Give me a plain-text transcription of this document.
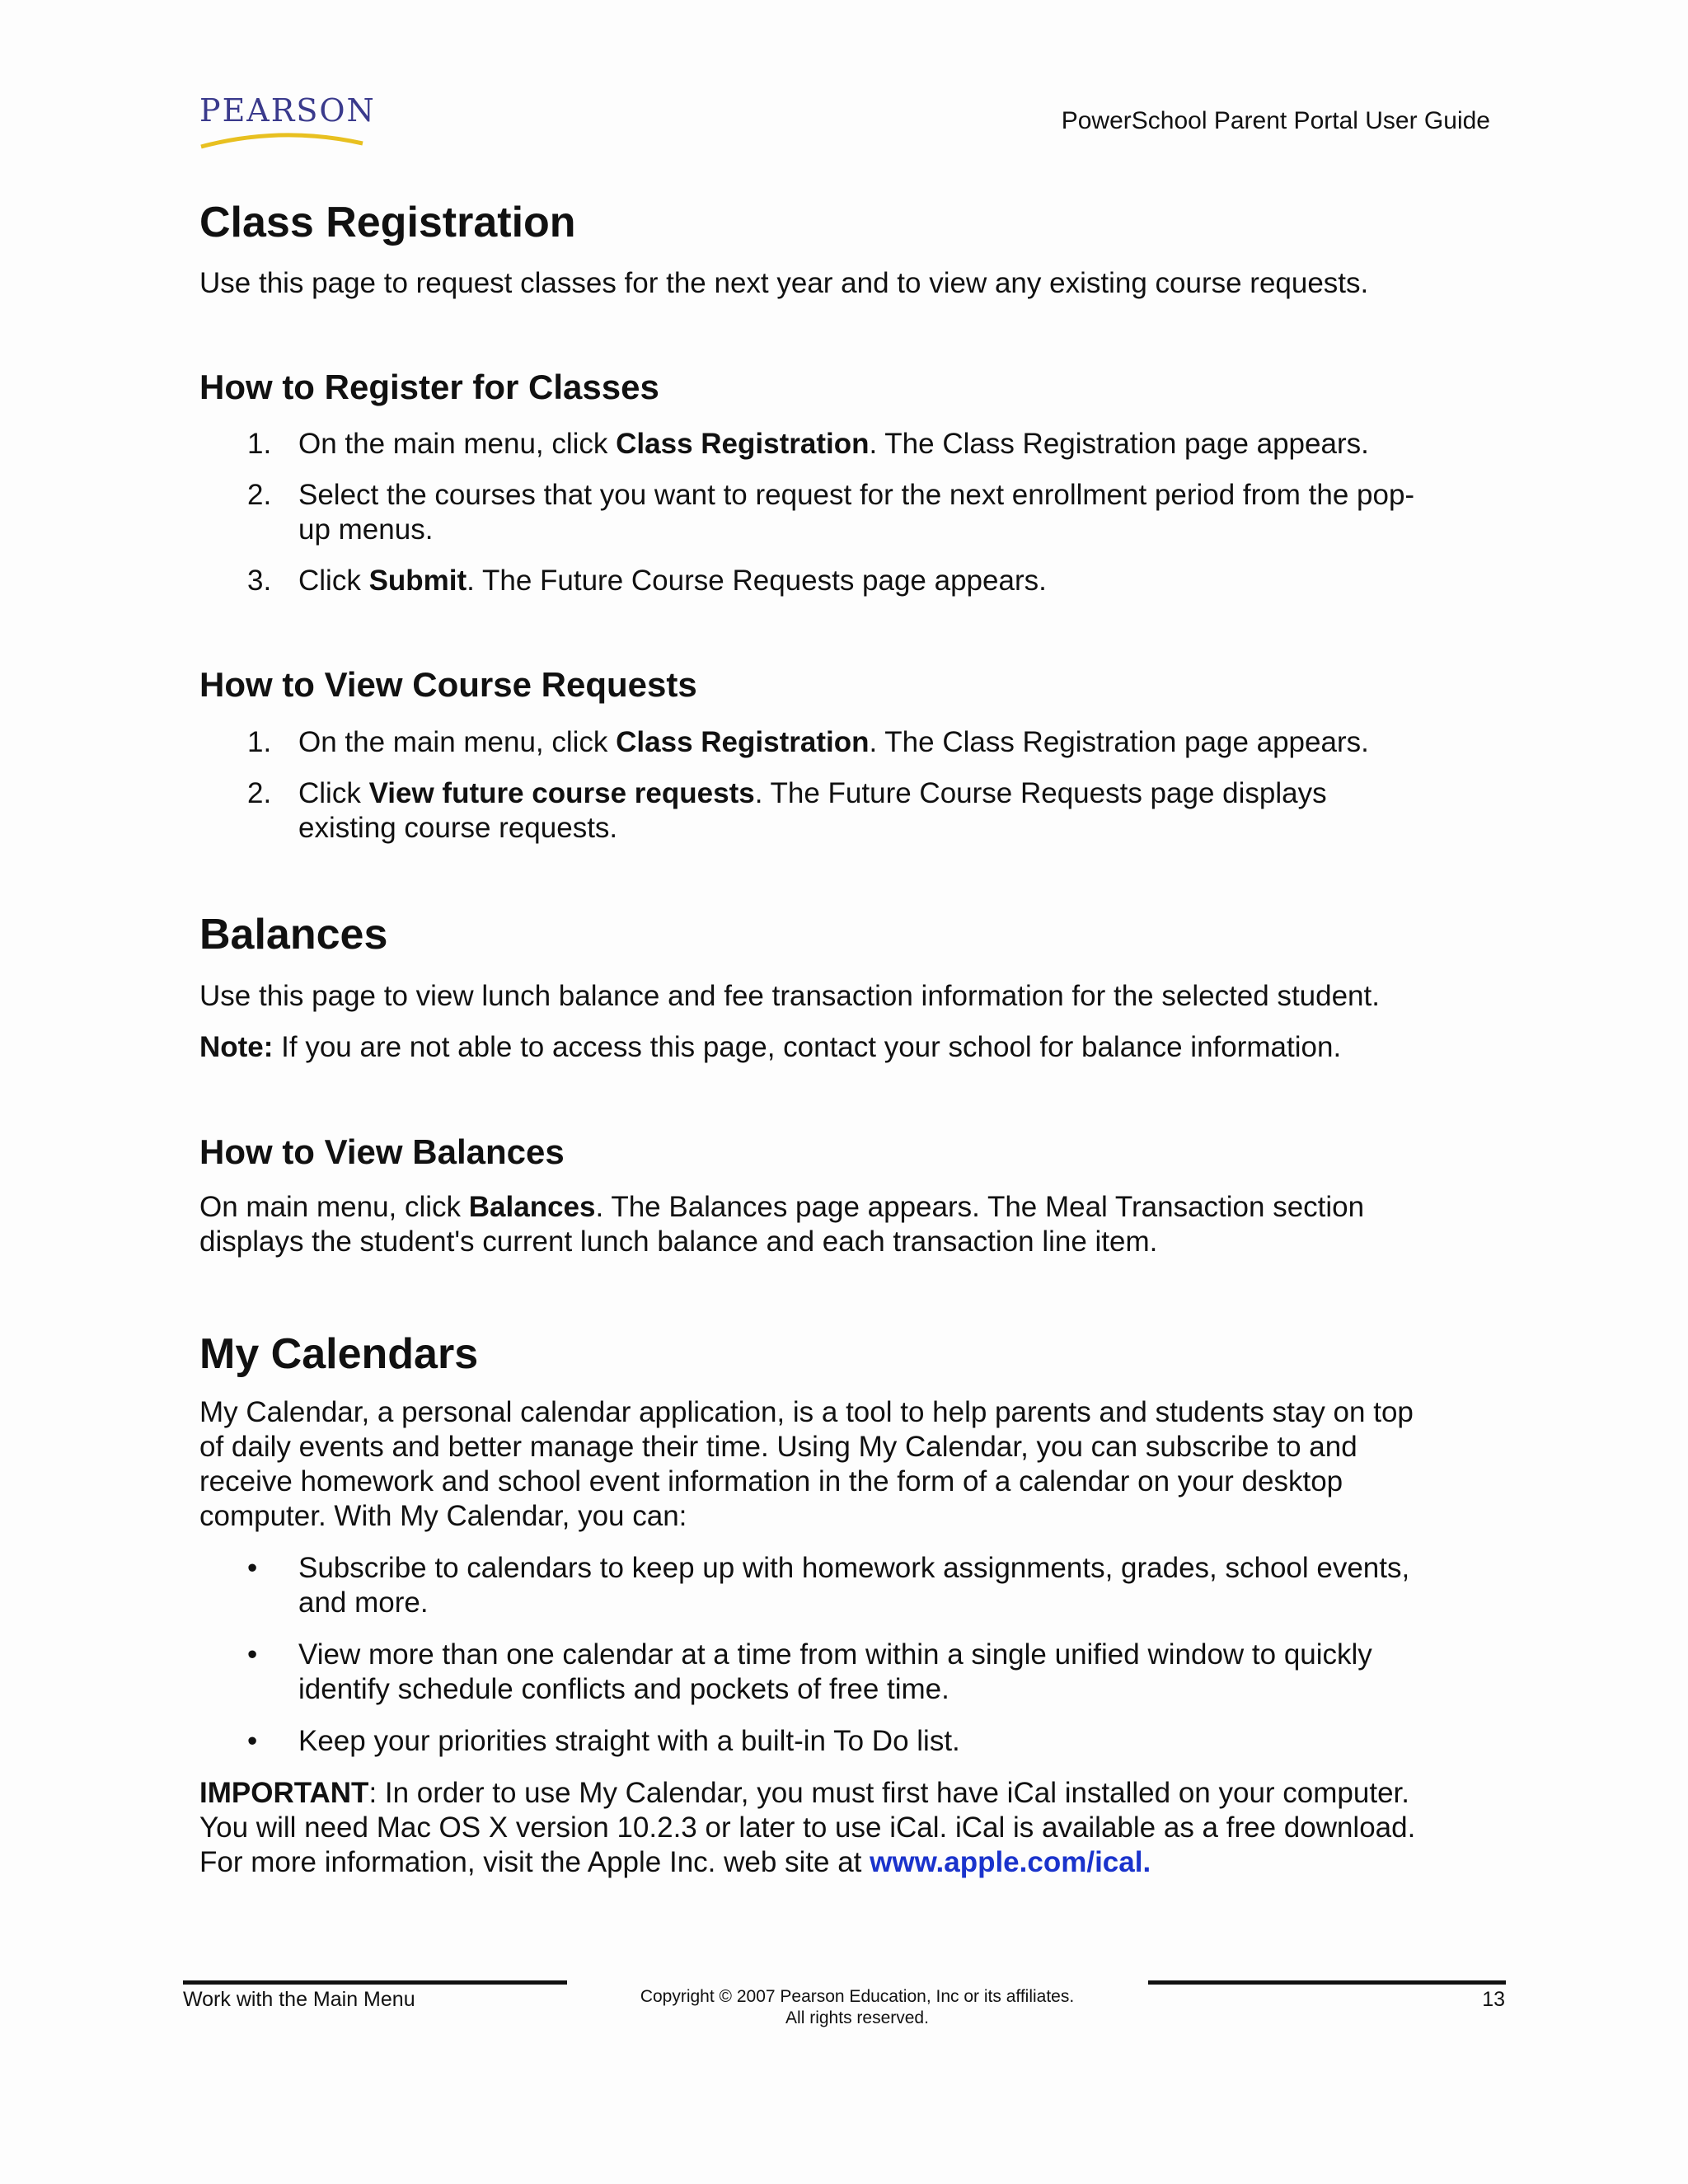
PEARSON	PowerSchool Parent Portal User Guide
Class Registration

Use this page to request classes for the next year and to view any existing course requests.

How to Register for Classes
1. On the main menu, click Class Registration. The Class Registration page appears.
2. Select the courses that you want to request for the next enrollment period from the pop-
up menus.
3. Click Submit. The Future Course Requests page appears.
How to View Course Requests
1. On the main menu, click Class Registration. The Class Registration page appears.
2. Click View future course requests. The Future Course Requests page displays
existing course requests.
Balances

Use this page to view lunch balance and fee transaction information for the selected student.

Note: If you are not able to access this page, contact your school for balance information.

How to View Balances

On main menu, click Balances. The Balances page appears. The Meal Transaction section
displays the student's current lunch balance and each transaction line item.

My Calendars

My Calendar, a personal calendar application, is a tool to help parents and students stay on top
of daily events and better manage their time. Using My Calendar, you can subscribe to and
receive homework and school event information in the form of a calendar on your desktop
computer. With My Calendar, you can:

• Subscribe to calendars to keep up with homework assignments, grades, school events,
and more.
• View more than one calendar at a time from within a single unified window to quickly
identify schedule conflicts and pockets of free time.
• Keep your priorities straight with a built-in To Do list.

IMPORTANT: In order to use My Calendar, you must first have iCal installed on your computer.
You will need Mac OS X version 10.2.3 or later to use iCal. iCal is available as a free download.
For more information, visit the Apple Inc. web site at www.apple.com/ical.

Work with the Main Menu	Copyright © 2007 Pearson Education, Inc or its affiliates.
All rights reserved.
13
